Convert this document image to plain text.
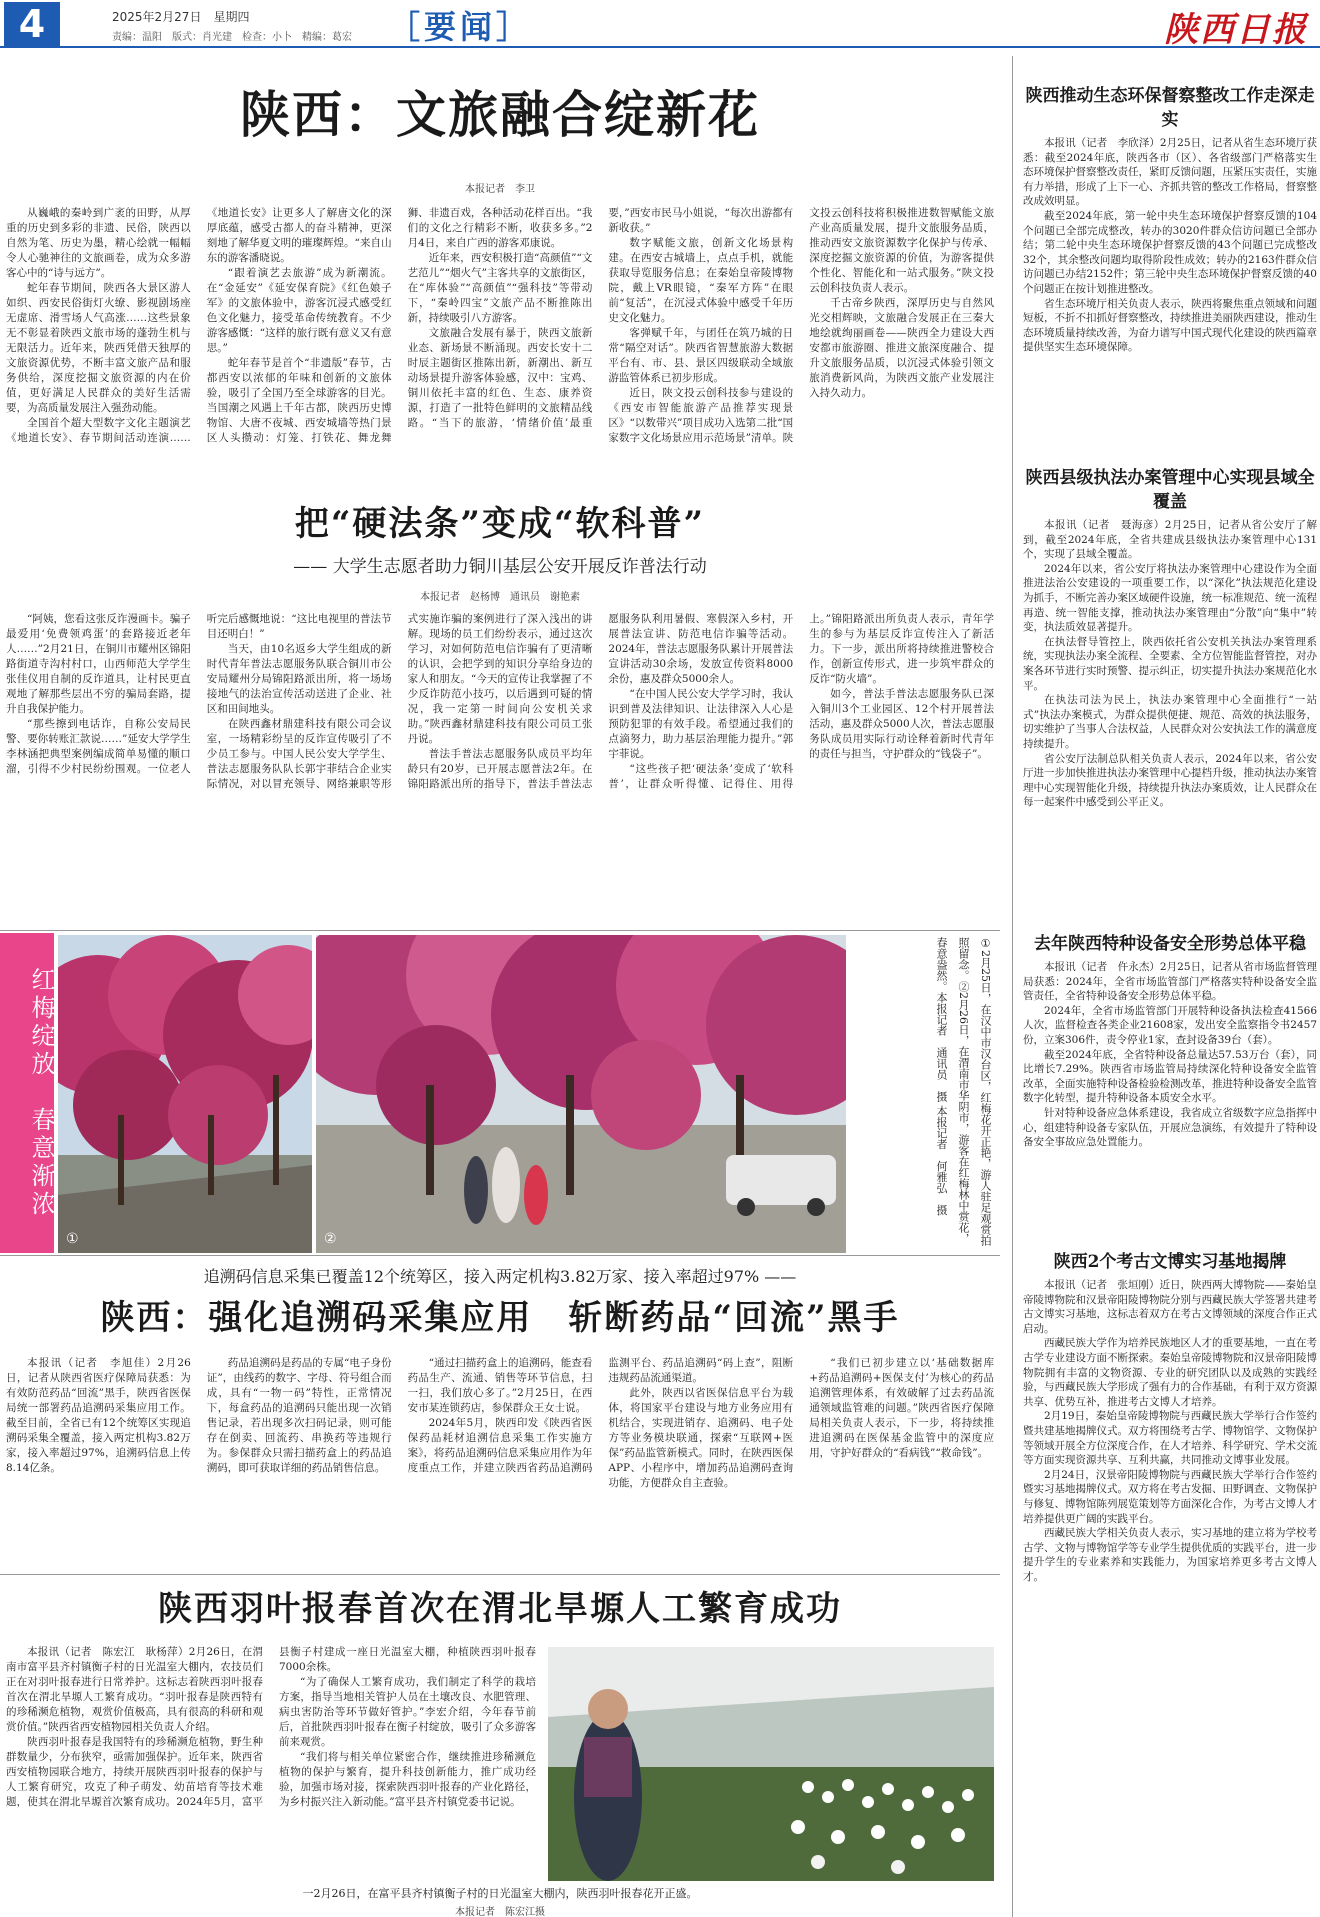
4	2025年2月27日　星期四
责编：温阳　版式：肖光建　检查：小卜　精编：葛宏 ［要闻］	陕西日报
陕西：文旅融合绽新花
本报记者　李卫

从巍峨的秦岭到广袤的田野，从厚重的历史到多彩的非遗、民俗，陕西以自然为笔、历史为墨，精心绘就一幅幅令人心驰神往的文旅画卷，成为众多游客心中的“诗与远方”。

蛇年春节期间，陕西各大景区游人如织、西安民俗街灯火缭、影视剧场座无虚席、滑雪场人气高涨……这些景象无不彰显着陕西文旅市场的蓬勃生机与无限活力。近年来，陕西凭借天独厚的文旅资源优势，不断丰富文旅产品和服务供给，深度挖掘文旅资源的内在价值，更好满足人民群众的美好生活需要，为高质量发展注入强劲动能。

全国首个超大型数字文化主题演艺《地道长安》、春节期间活动连演……《地道长安》让更多人了解唐文化的深厚底蕴，感受古都人的奋斗精神，更深刻地了解华夏文明的璀璨辉煌。“来自山东的游客潘晓说。

“跟着演艺去旅游”成为新潮流。在“金延安”《延安保育院》《红色娘子军》的文旅体验中，游客沉浸式感受红色文化魅力，接受革命传统教育。不少游客感慨：“这样的旅行既有意义又有意思。”

蛇年春节是首个“非遗版”春节，古都西安以浓郁的年味和创新的文旅体验，吸引了全国乃至全球游客的目光。当国潮之风遇上千年古都，陕西历史博物馆、大唐不夜城、西安城墙等热门景区人头攒动：灯笼、打铁花、舞龙舞狮、非遗百戏，各种活动花样百出。“我们的文化之行精彩不断，收获多多。”2月4日，来自广西的游客邓康说。

近年来，西安积极打造“高颜值”“文艺范儿”“烟火气”主客共享的文旅街区，在“库体验”“高颜值”“强科技”等带动下，“秦岭四宝”文旅产品不断推陈出新，持续吸引八方游客。

文旅融合发展有暴于，陕西文旅新业态、新场景不断涌现。西安长安十二时辰主题街区推陈出新，新潮出、新互动场景提升游客体验感，汉中：宝鸡、铜川依托丰富的红色、生态、康养资源，打造了一批特色鲜明的文旅精品线路。“当下的旅游，‘情绪价值’最重要，”西安市民马小姐说，“每次出游都有新收获。”

数字赋能文旅，创新文化场景构建。在西安古城墙上，点点手机，就能获取导览服务信息；在秦始皇帝陵博物院，戴上VR眼镜，“秦军方阵”在眼前“复活”，在沉浸式体验中感受千年历史文化魅力。

客弹赋千年，与团任在筑乃城的日常“隔空对话”。陕西省智慧旅游大数据平台有、市、县、景区四级联动全域旅游监管体系已初步形成。

近日，陕文投云创科技参与建设的《西安市智能旅游产品推荐实现景区》“以数带兴”项目成功入选第二批“国家数字文化场景应用示范场景”清单。陕文投云创科技将积极推进数智赋能文旅产业高质量发展，提升文旅服务品质，推动西安文旅资源数字化保护与传承、深度挖掘文旅资源的价值，为游客提供个性化、智能化和一站式服务。”陕文投云创科技负责人表示。

千古帝乡陕西，深厚历史与自然风光交相辉映，文旅融合发展正在三秦大地绘就绚丽画卷——陕西全力建设大西安都市旅游圈、推进文旅深度融合、提升文旅服务品质，以沉浸式体验引领文旅消费新风尚，为陕西文旅产业发展注入持久动力。

把“硬法条”变成“软科普”
—— 大学生志愿者助力铜川基层公安开展反诈普法行动
本报记者　赵杨博　通讯员　谢艳素

“阿姨，您看这张反诈漫画卡。骗子最爱用‘免费领鸡蛋’的套路接近老年人……”2月21日，在铜川市耀州区锦阳路街道寺沟村村口，山西师范大学学生张佳仪用自制的反诈道具，让村民更直观地了解那些层出不穷的骗局套路，提升自我保护能力。

“那些擦到电话诈，自称公安局民警、要你转账汇款说……”延安大学学生李林涵把典型案例编成简单易懂的顺口溜，引得不少村民纷纷围观。一位老人听完后感慨地说：“这比电视里的普法节目还明白！”

当天，由10名返乡大学生组成的新时代青年普法志愿服务队联合铜川市公安局耀州分局锦阳路派出所，将一场场接地气的法治宣传活动送进了企业、社区和田间地头。

在陕西鑫材鼎建科技有限公司会议室，一场精彩纷呈的反诈宣传吸引了不少员工参与。中国人民公安大学学生、普法志愿服务队队长郭宇菲结合企业实际情况，对以冒充领导、网络兼职等形式实施诈骗的案例进行了深入浅出的讲解。现场的员工们纷纷表示，通过这次学习，对如何防范电信诈骗有了更清晰的认识，会把学到的知识分享给身边的家人和朋友。“今天的宣传让我掌握了不少反诈防范小技巧，以后遇到可疑的情况，我一定第一时间向公安机关求助。”陕西鑫材鼎建科技有限公司员工张丹说。

普法手普法志愿服务队成员平均年龄只有20岁，已开展志愿普法2年。在锦阳路派出所的指导下，普法手普法志愿服务队利用暑假、寒假深入乡村，开展普法宣讲、防范电信诈骗等活动。2024年，普法志愿服务队累计开展普法宣讲活动30余场，发放宣传资料8000余份，惠及群众5000余人。

“在中国人民公安大学学习时，我认识到普及法律知识、让法律深入人心是预防犯罪的有效手段。希望通过我们的点滴努力，助力基层治理能力提升。”郭宇菲说。

“这些孩子把‘硬法条’变成了‘软科普’，让群众听得懂、记得住、用得上。”锦阳路派出所负责人表示，青年学生的参与为基层反诈宣传注入了新活力。下一步，派出所将持续推进警校合作，创新宣传形式，进一步筑牢群众的反诈“防火墙”。

如今，普法手普法志愿服务队已深入铜川3个工业园区、12个村开展普法活动，惠及群众5000人次，普法志愿服务队成员用实际行动诠释着新时代青年的责任与担当，守护群众的“钱袋子”。

红梅绽放　春意渐浓
①	②	①2月25日，在汉中市汉台区，红梅花开正艳，游人驻足观赏拍照留念。②2月26日，在渭南市华阴市，游客在红梅林中赏花，春意盎然。本报记者　通讯员　摄 本报记者　何雅弘　摄
追溯码信息采集已覆盖12个统筹区，接入两定机构3.82万家、接入率超过97% ——
陕西：强化追溯码采集应用　斩断药品“回流”黑手

本报讯（记者　李旭佳）2月26日，记者从陕西省医疗保障局获悉：为有效防范药品“回流”黑手，陕西省医保局统一部署药品追溯码采集应用工作。截至目前，全省已有12个统筹区实现追溯码采集全覆盖，接入两定机构3.82万家，接入率超过97%，追溯码信息上传8.14亿条。

药品追溯码是药品的专属“电子身份证”，由线药的数字、字母、符号组合而成，具有“一物一码”特性，正常情况下，每盒药品的追溯码只能出现一次销售记录，若出现多次扫码记录，则可能存在倒卖、回流药、串换药等违规行为。参保群众只需扫描药盒上的药品追溯码，即可获取详细的药品销售信息。

“通过扫描药盒上的追溯码，能查看药品生产、流通、销售等环节信息，扫一扫，我们放心多了。”2月25日，在西安市某连锁药店，参保群众王女士说。

2024年5月，陕西印发《陕西省医保药品耗材追溯信息采集工作实施方案》，将药品追溯码信息采集应用作为年度重点工作，并建立陕西省药品追溯码监测平台、药品追溯码“码上查”，阻断违规药品流通渠道。

此外，陕西以省医保信息平台为载体，将国家平台建设与地方业务应用有机结合，实现进销存、追溯码、电子处方等业务模块联通，探索“互联网+医保”药品监管新模式。同时，在陕西医保APP、小程序中，增加药品追溯码查询功能，方便群众自主查验。

“我们已初步建立以‘基础数据库+药品追溯码+医保支付’为核心的药品追溯管理体系，有效破解了过去药品流通领域监管难的问题。”陕西省医疗保障局相关负责人表示，下一步，将持续推进追溯码在医保基金监管中的深度应用，守护好群众的“看病钱”“救命钱”。

陕西羽叶报春首次在渭北旱塬人工繁育成功

本报讯（记者　陈宏江　耿杨萍）2月26日，在渭南市富平县齐村镇衡子村的日光温室大棚内，农技员们正在对羽叶报春进行日常养护。这标志着陕西羽叶报春首次在渭北旱塬人工繁育成功。“羽叶报春是陕西特有的珍稀濒危植物，观赏价值极高，具有很高的科研和观赏价值。”陕西省西安植物园相关负责人介绍。

陕西羽叶报春是我国特有的珍稀濒危植物，野生种群数量少，分布狭窄，亟需加强保护。近年来，陕西省西安植物园联合地方，持续开展陕西羽叶报春的保护与人工繁育研究，攻克了种子萌发、幼苗培育等技术难题，使其在渭北旱塬首次繁育成功。2024年5月，富平县衡子村建成一座日光温室大棚，种植陕西羽叶报春7000余株。

“为了确保人工繁育成功，我们制定了科学的栽培方案，指导当地相关管护人员在土壤改良、水肥管理、病虫害防治等环节做好管护。”李宏介绍，今年春节前后，首批陕西羽叶报春在衡子村绽放，吸引了众多游客前来观赏。

“我们将与相关单位紧密合作，继续推进珍稀濒危植物的保护与繁育，提升科技创新能力，推广成功经验，加强市场对接，探索陕西羽叶报春的产业化路径，为乡村振兴注入新动能。”富平县齐村镇党委书记说。

一2月26日，在富平县齐村镇衡子村的日光温室大棚内，陕西羽叶报春花开正盛。
本报记者　陈宏江摄
陕西推动生态环保督察整改工作走深走实

本报讯（记者　李欣泽）2月25日，记者从省生态环境厅获悉：截至2024年底，陕西各市（区）、各省级部门严格落实生态环境保护督察整改责任，紧盯反馈问题，压紧压实责任，实施有力举措，形成了上下一心、齐抓共管的整改工作格局，督察整改成效明显。

截至2024年底，第一轮中央生态环境保护督察反馈的104个问题已全部完成整改，转办的3020件群众信访问题已全部办结；第二轮中央生态环境保护督察反馈的43个问题已完成整改32个，其余整改问题均取得阶段性成效；转办的2163件群众信访问题已办结2152件；第三轮中央生态环境保护督察反馈的40个问题正在按计划推进整改。

省生态环境厅相关负责人表示，陕西将聚焦重点领域和问题短板，不折不扣抓好督察整改，持续推进美丽陕西建设，推动生态环境质量持续改善，为奋力谱写中国式现代化建设的陕西篇章提供坚实生态环境保障。

陕西县级执法办案管理中心实现县域全覆盖

本报讯（记者　聂海彦）2月25日，记者从省公安厅了解到，截至2024年底，全省共建成县级执法办案管理中心131个，实现了县域全覆盖。

2024年以来，省公安厅将执法办案管理中心建设作为全面推进法治公安建设的一项重要工作，以“深化”执法规范化建设为抓手，不断完善办案区域硬件设施，统一标准规范、统一流程再造、统一智能支撑，推动执法办案管理由“分散”向“集中”转变，执法质效显著提升。

在执法督导管控上，陕西依托省公安机关执法办案管理系统，实现执法办案全流程、全要素、全方位智能监督管控，对办案各环节进行实时预警、提示纠正，切实提升执法办案规范化水平。

在执法司法为民上，执法办案管理中心全面推行“一站式”执法办案模式，为群众提供便捷、规范、高效的执法服务，切实维护了当事人合法权益，人民群众对公安执法工作的满意度持续提升。

省公安厅法制总队相关负责人表示，2024年以来，省公安厅进一步加快推进执法办案管理中心提档升级，推动执法办案管理中心实现智能化升级，持续提升执法办案质效，让人民群众在每一起案件中感受到公平正义。

去年陕西特种设备安全形势总体平稳

本报讯（记者　仵永杰）2月25日，记者从省市场监督管理局获悉：2024年，全省市场监管部门严格落实特种设备安全监管责任，全省特种设备安全形势总体平稳。

2024年，全省市场监管部门开展特种设备执法检查41566人次，监督检查各类企业21608家，发出安全监察指令书2457份，立案306件，责令停业1家，查封设备39台（套）。

截至2024年底，全省特种设备总量达57.53万台（套），同比增长7.29%。陕西省市场监管局持续深化特种设备安全监管改革，全面实施特种设备检验检测改革，推进特种设备安全监管数字化转型，提升特种设备本质安全水平。

针对特种设备应急体系建设，我省成立省级数字应急指挥中心，组建特种设备专家队伍，开展应急演练，有效提升了特种设备安全事故应急处置能力。

陕西2个考古文博实习基地揭牌

本报讯（记者　张垣刚）近日，陕西两大博物院——秦始皇帝陵博物院和汉景帝阳陵博物院分别与西藏民族大学签署共建考古文博实习基地，这标志着双方在考古文博领域的深度合作正式启动。

西藏民族大学作为培养民族地区人才的重要基地，一直在考古学专业建设方面不断探索。秦始皇帝陵博物院和汉景帝阳陵博物院拥有丰富的文物资源、专业的研究团队以及成熟的实践经验，与西藏民族大学形成了强有力的合作基础，有利于双方资源共享、优势互补，推进考古文博人才培养。

2月19日，秦始皇帝陵博物院与西藏民族大学举行合作签约暨共建基地揭牌仪式。双方将围绕考古学、博物馆学、文物保护等领域开展全方位深度合作，在人才培养、科学研究、学术交流等方面实现资源共享、互利共赢，共同推动文博事业发展。

2月24日，汉景帝阳陵博物院与西藏民族大学举行合作签约暨实习基地揭牌仪式。双方将在考古发掘、田野调查、文物保护与修复、博物馆陈列展览策划等方面深化合作，为考古文博人才培养提供更广阔的实践平台。

西藏民族大学相关负责人表示，实习基地的建立将为学校考古学、文物与博物馆学等专业学生提供优质的实践平台，进一步提升学生的专业素养和实践能力，为国家培养更多考古文博人才。
